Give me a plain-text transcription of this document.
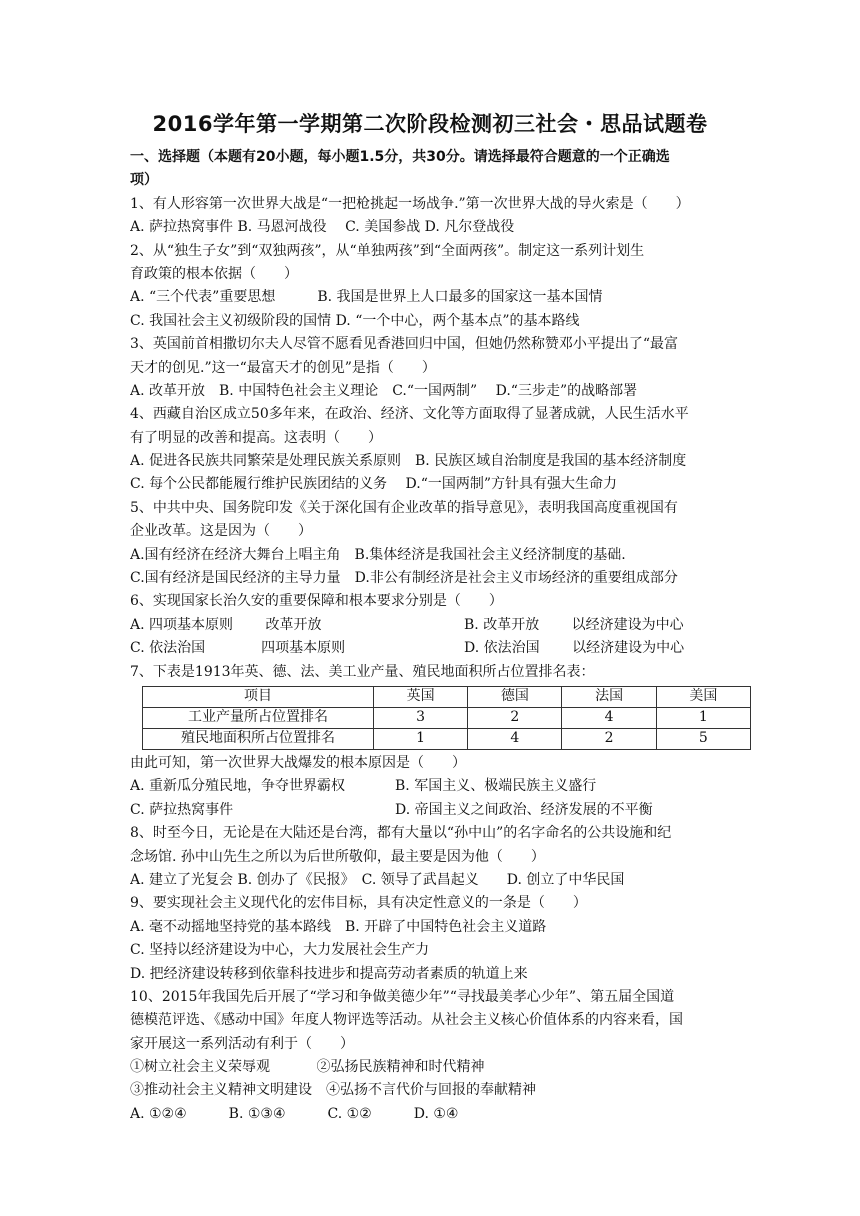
2016学年第一学期第二次阶段检测初三社会・思品试题卷
一、选择题（本题有20小题，每小题1.5分，共30分。请选择最符合题意的一个正确选
项）
1、有人形容第一次世界大战是“一把枪挑起一场战争.”第一次世界大战的导火索是（　　）
A. 萨拉热窝事件 B. 马恩河战役　 C. 美国参战 D. 凡尔登战役
2、从“独生子女”到“双独两孩”，从“单独两孩”到“全面两孩”。制定这一系列计划生
育政策的根本依据（　　）
A. “三个代表”重要思想　　　B. 我国是世界上人口最多的国家这一基本国情
C. 我国社会主义初级阶段的国情 D. “一个中心，两个基本点”的基本路线
3、英国前首相撒切尔夫人尽管不愿看见香港回归中国，但她仍然称赞邓小平提出了“最富
天才的创见.”这一“最富天才的创见”是指（　　）
A. 改革开放　B. 中国特色社会主义理论　C.“一国两制”　 D.“三步走”的战略部署
4、西藏自治区成立50多年来，在政治、经济、文化等方面取得了显著成就，人民生活水平
有了明显的改善和提高。这表明（　　）
A. 促进各民族共同繁荣是处理民族关系原则　B. 民族区域自治制度是我国的基本经济制度
C. 每个公民都能履行维护民族团结的义务　 D.“一国两制”方针具有强大生命力
5、中共中央、国务院印发《关于深化国有企业改革的指导意见》，表明我国高度重视国有
企业改革。这是因为（　　）
A.国有经济在经济大舞台上唱主角　B.集体经济是我国社会主义经济制度的基础.
C.国有经济是国民经济的主导力量　D.非公有制经济是社会主义市场经济的重要组成部分
6、实现国家长治久安的重要保障和根本要求分别是（　　）
A. 四项基本原则　　 改革开放	B. 改革开放　　 以经济建设为中心
C. 依法治国　　　　四项基本原则	D. 依法治国　　 以经济建设为中心
7、下表是1913年英、德、法、美工业产量、殖民地面积所占位置排名表：
项目	英国	德国	法国	美国
工业产量所占位置排名	3	2	4	1
殖民地面积所占位置排名	1	4	2	5
由此可知，第一次世界大战爆发的根本原因是（　　）
A. 重新瓜分殖民地，争夺世界霸权	B. 军国主义、极端民族主义盛行
C. 萨拉热窝事件	D. 帝国主义之间政治、经济发展的不平衡
8、时至今日，无论是在大陆还是台湾，都有大量以“孙中山”的名字命名的公共设施和纪
念场馆. 孙中山先生之所以为后世所敬仰，最主要是因为他（　　）
A. 建立了光复会 B. 创办了《民报》　C. 领导了武昌起义　　D. 创立了中华民国
9、要实现社会主义现代化的宏伟目标，具有决定性意义的一条是（　　）
A. 毫不动摇地坚持党的基本路线　B. 开辟了中国特色社会主义道路
C. 坚持以经济建设为中心，大力发展社会生产力
D. 把经济建设转移到依靠科技进步和提高劳动者素质的轨道上来
10、2015年我国先后开展了“学习和争做美德少年”“寻找最美孝心少年”、第五届全国道
德模范评选、《感动中国》年度人物评选等活动。从社会主义核心价值体系的内容来看，国
家开展这一系列活动有利于（　　）
①树立社会主义荣辱观　　　 ②弘扬民族精神和时代精神
③推动社会主义精神文明建设　④弘扬不言代价与回报的奉献精神
A. ①②④　　　B. ①③④　　　C. ①②　　　D. ①④
